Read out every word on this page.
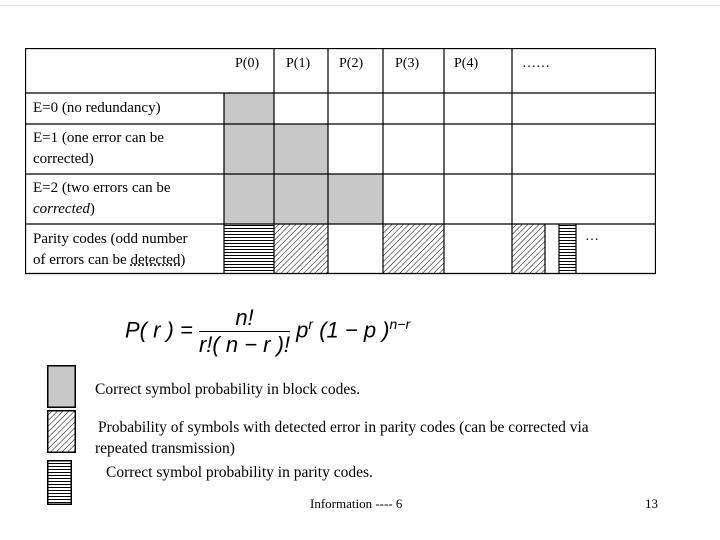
P(0) P(1) P(2) P(3) P(4)	……
E=0 (no redundancy)
E=1 (one error can be
corrected)
E=2 (two errors can be
corrected)
Parity codes (odd number
of errors can be detected)
…
P( r ) = $\frac{n!}{r!( n - r )!} p^r$ (1 − p )$^{n-r}$
Correct symbol probability in block codes.
Probability of symbols with detected error in parity codes (can be corrected via
repeated transmission)
Correct symbol probability in parity codes.
Information ---- 6	13
